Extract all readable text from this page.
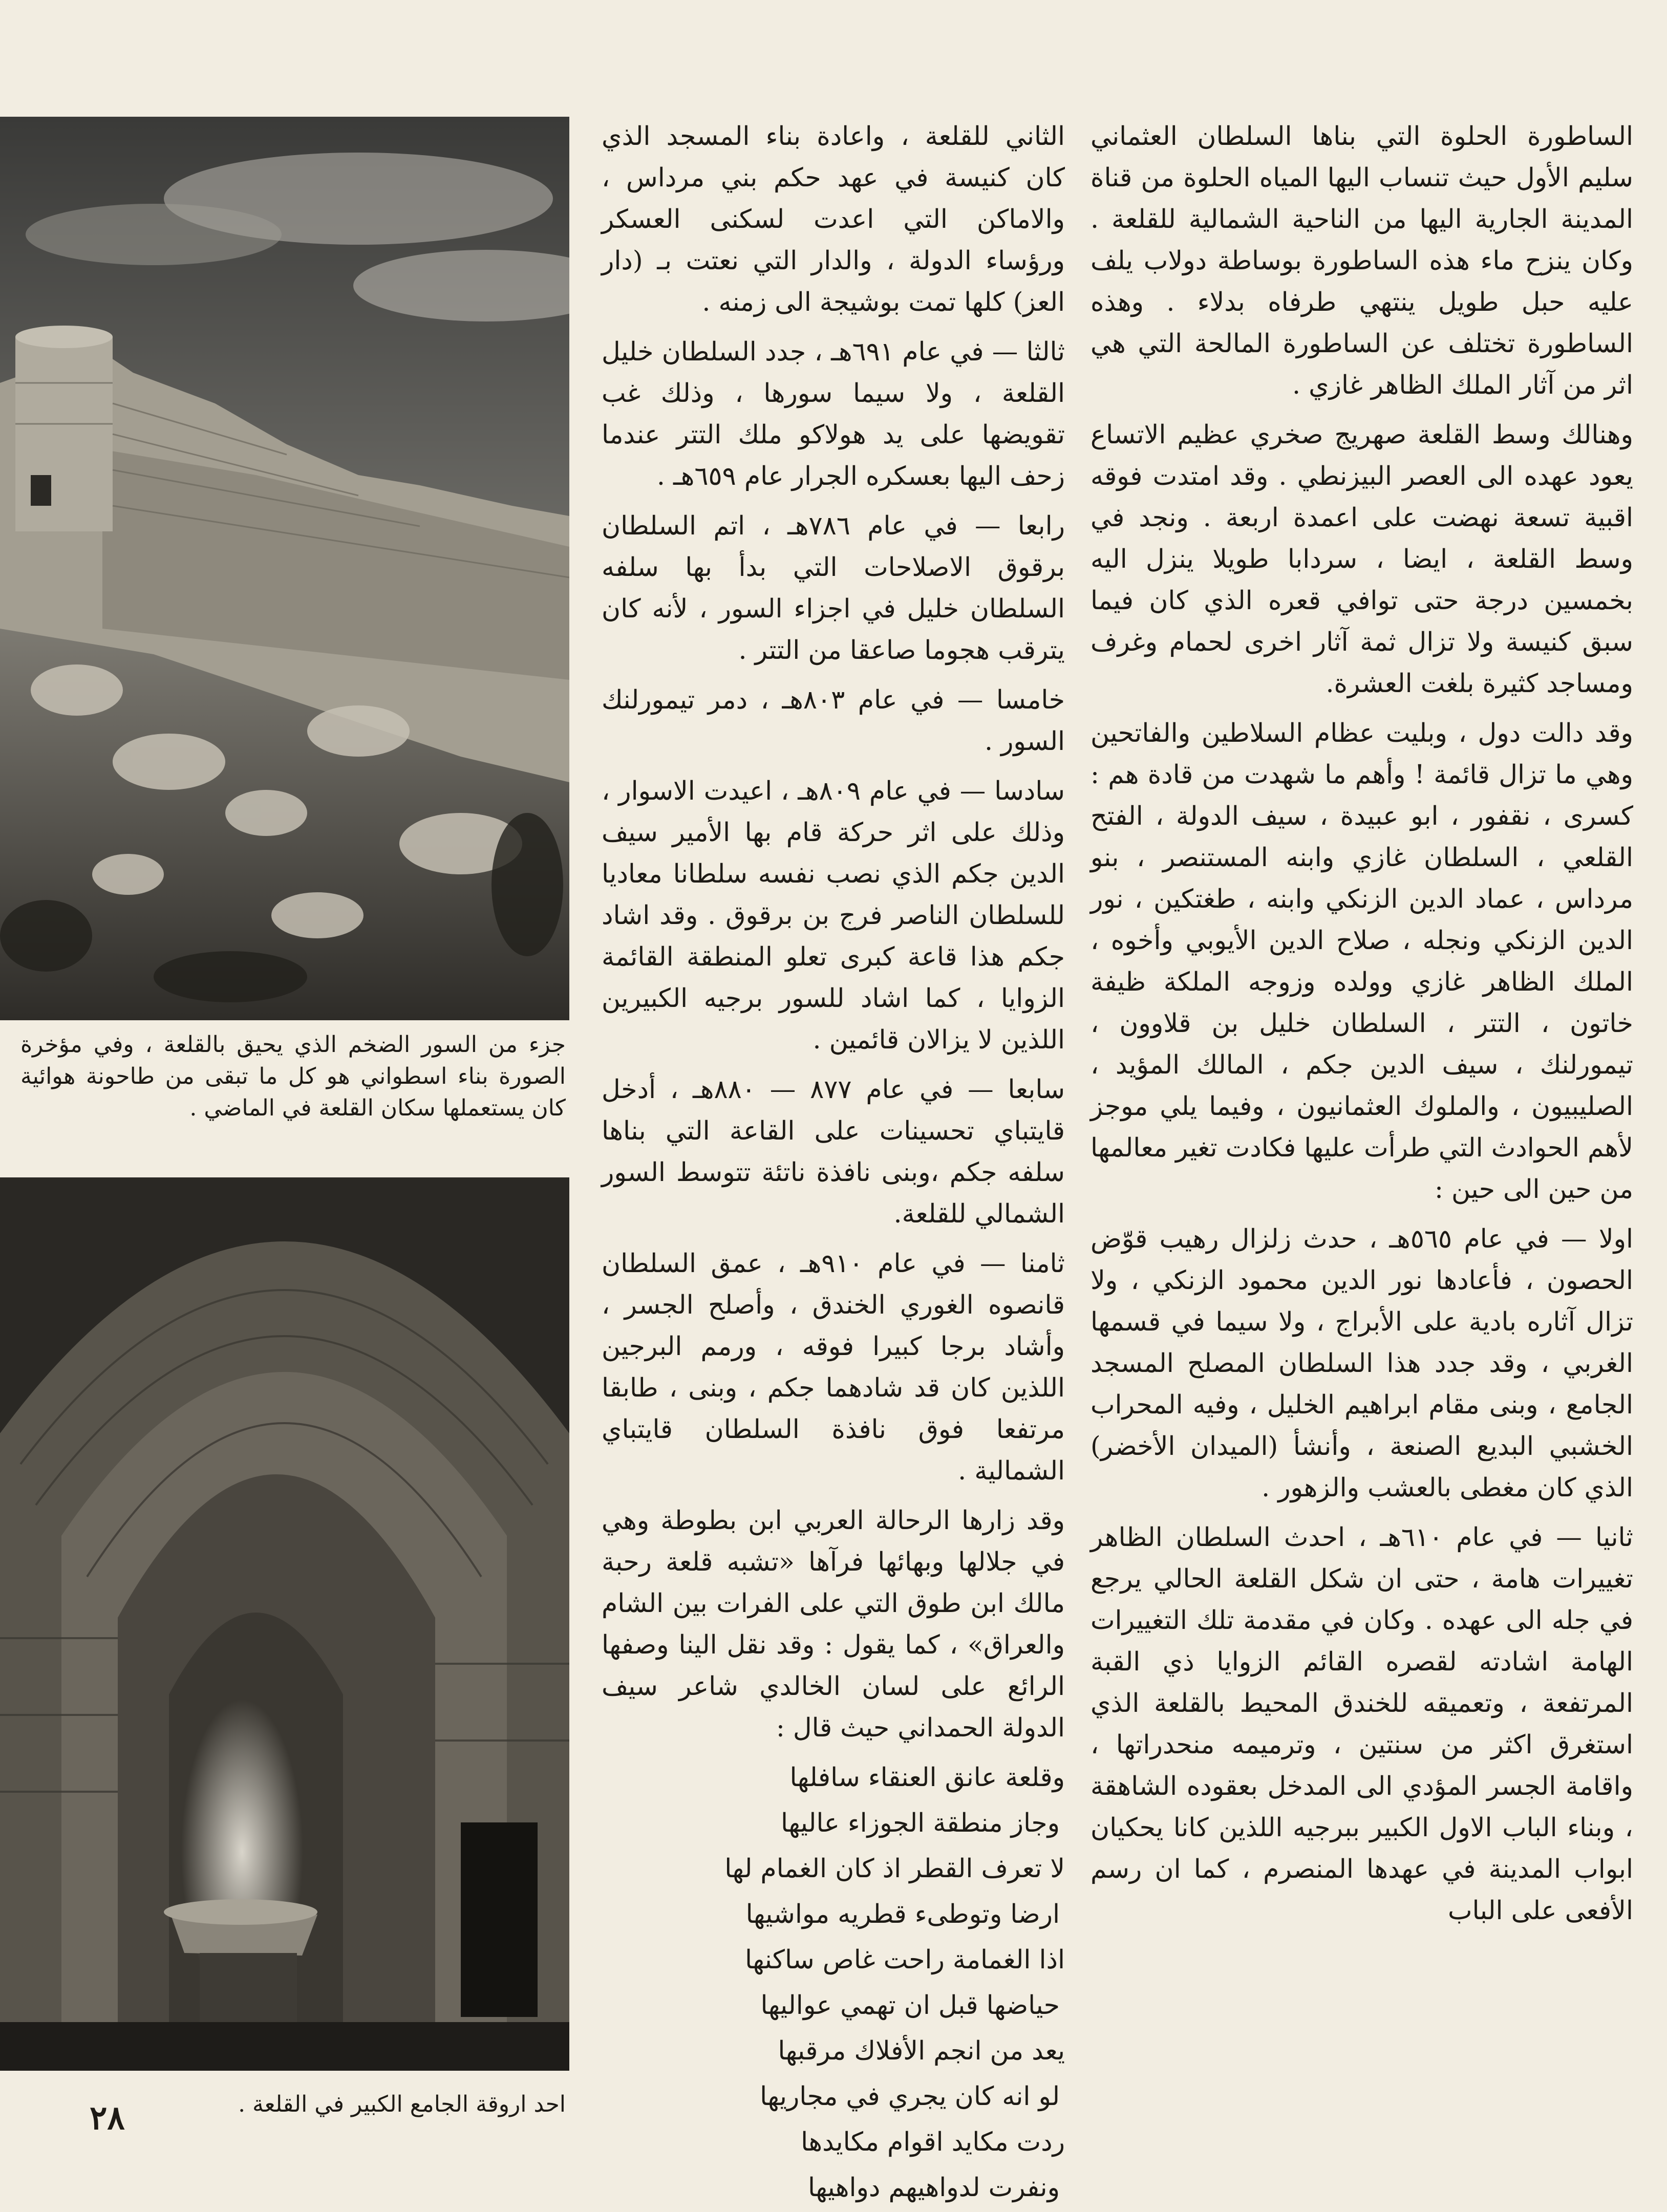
جزء من السور الضخم الذي يحيق بالقلعة ، وفي مؤخرة الصورة بناء اسطواني هو كل ما تبقى من طاحونة هوائية كان يستعملها سكان القلعة في الماضي .
احد اروقة الجامع الكبير في القلعة .
٢٨

الثاني للقلعة ، واعادة بناء المسجد الذي كان كنيسة في عهد حكم بني مرداس ، والاماكن التي اعدت لسكنى العسكر ورؤساء الدولة ، والدار التي نعتت بـ (دار العز) كلها تمت بوشيجة الى زمنه .

ثالثا — في عام ٦٩١هـ ، جدد السلطان خليل القلعة ، ولا سيما سورها ، وذلك غب تقويضها على يد هولاكو ملك التتر عندما زحف اليها بعسكره الجرار عام ٦٥٩هـ .

رابعا — في عام ٧٨٦هـ ، اتم السلطان برقوق الاصلاحات التي بدأ بها سلفه السلطان خليل في اجزاء السور ، لأنه كان يترقب هجوما صاعقا من التتر .

خامسا — في عام ٨٠٣هـ ، دمر تيمورلنك السور .

سادسا — في عام ٨٠٩هـ ، اعيدت الاسوار ، وذلك على اثر حركة قام بها الأمير سيف الدين جكم الذي نصب نفسه سلطانا معاديا للسلطان الناصر فرج بن برقوق . وقد اشاد جكم هذا قاعة كبرى تعلو المنطقة القائمة الزوايا ، كما اشاد للسور برجيه الكبيرين اللذين لا يزالان قائمين .

سابعا — في عام ٨٧٧ — ٨٨٠هـ ، أدخل قايتباي تحسينات على القاعة التي بناها سلفه جكم ،وبنى نافذة ناتئة تتوسط السور الشمالي للقلعة.

ثامنا — في عام ٩١٠هـ ، عمق السلطان قانصوه الغوري الخندق ، وأصلح الجسر ، وأشاد برجا كبيرا فوقه ، ورمم البرجين اللذين كان قد شادهما جكم ، وبنى ، طابقا مرتفعا فوق نافذة السلطان قايتباي الشمالية .

وقد زارها الرحالة العربي ابن بطوطة وهي في جلالها وبهائها فرآها «تشبه قلعة رحبة مالك ابن طوق التي على الفرات بين الشام والعراق» ، كما يقول : وقد نقل الينا وصفها الرائع على لسان الخالدي شاعر سيف الدولة الحمداني حيث قال :

وقلعة عانق العنقاء سافلها

وجاز منطقة الجوزاء عاليها

لا تعرف القطر اذ كان الغمام لها

ارضا وتوطىء قطريه مواشيها

اذا الغمامة راحت غاص ساكنها

حياضها قبل ان تهمي عواليها

يعد من انجم الأفلاك مرقبها

لو انه كان يجري في مجاريها

ردت مكايد اقوام مكايدها

ونفرت لدواهيهم دواهيها

الساطورة الحلوة التي بناها السلطان العثماني سليم الأول حيث تنساب اليها المياه الحلوة من قناة المدينة الجارية اليها من الناحية الشمالية للقلعة . وكان ينزح ماء هذه الساطورة بوساطة دولاب يلف عليه حبل طويل ينتهي طرفاه بدلاء . وهذه الساطورة تختلف عن الساطورة المالحة التي هي اثر من آثار الملك الظاهر غازي .

وهنالك وسط القلعة صهريج صخري عظيم الاتساع يعود عهده الى العصر البيزنطي . وقد امتدت فوقه اقبية تسعة نهضت على اعمدة اربعة . ونجد في وسط القلعة ، ايضا ، سردابا طويلا ينزل اليه بخمسين درجة حتى توافي قعره الذي كان فيما سبق كنيسة ولا تزال ثمة آثار اخرى لحمام وغرف ومساجد كثيرة بلغت العشرة.

وقد دالت دول ، وبليت عظام السلاطين والفاتحين وهي ما تزال قائمة ! وأهم ما شهدت من قادة هم : كسرى ، نقفور ، ابو عبيدة ، سيف الدولة ، الفتح القلعي ، السلطان غازي وابنه المستنصر ، بنو مرداس ، عماد الدين الزنكي وابنه ، طغتكين ، نور الدين الزنكي ونجله ، صلاح الدين الأيوبي وأخوه ، الملك الظاهر غازي وولده وزوجه الملكة ظيفة خاتون ، التتر ، السلطان خليل بن قلاوون ، تيمورلنك ، سيف الدين جكم ، المالك المؤيد ، الصليبيون ، والملوك العثمانيون ، وفيما يلي موجز لأهم الحوادث التي طرأت عليها فكادت تغير معالمها من حين الى حين :

اولا — في عام ٥٦٥هـ ، حدث زلزال رهيب قوّض الحصون ، فأعادها نور الدين محمود الزنكي ، ولا تزال آثاره بادية على الأبراج ، ولا سيما في قسمها الغربي ، وقد جدد هذا السلطان المصلح المسجد الجامع ، وبنى مقام ابراهيم الخليل ، وفيه المحراب الخشبي البديع الصنعة ، وأنشأ (الميدان الأخضر) الذي كان مغطى بالعشب والزهور .

ثانيا — في عام ٦١٠هـ ، احدث السلطان الظاهر تغييرات هامة ، حتى ان شكل القلعة الحالي يرجع في جله الى عهده . وكان في مقدمة تلك التغييرات الهامة اشادته لقصره القائم الزوايا ذي القبة المرتفعة ، وتعميقه للخندق المحيط بالقلعة الذي استغرق اكثر من سنتين ، وترميمه منحدراتها ، واقامة الجسر المؤدي الى المدخل بعقوده الشاهقة ، وبناء الباب الاول الكبير ببرجيه اللذين كانا يحكيان ابواب المدينة في عهدها المنصرم ، كما ان رسم الأفعى على الباب
